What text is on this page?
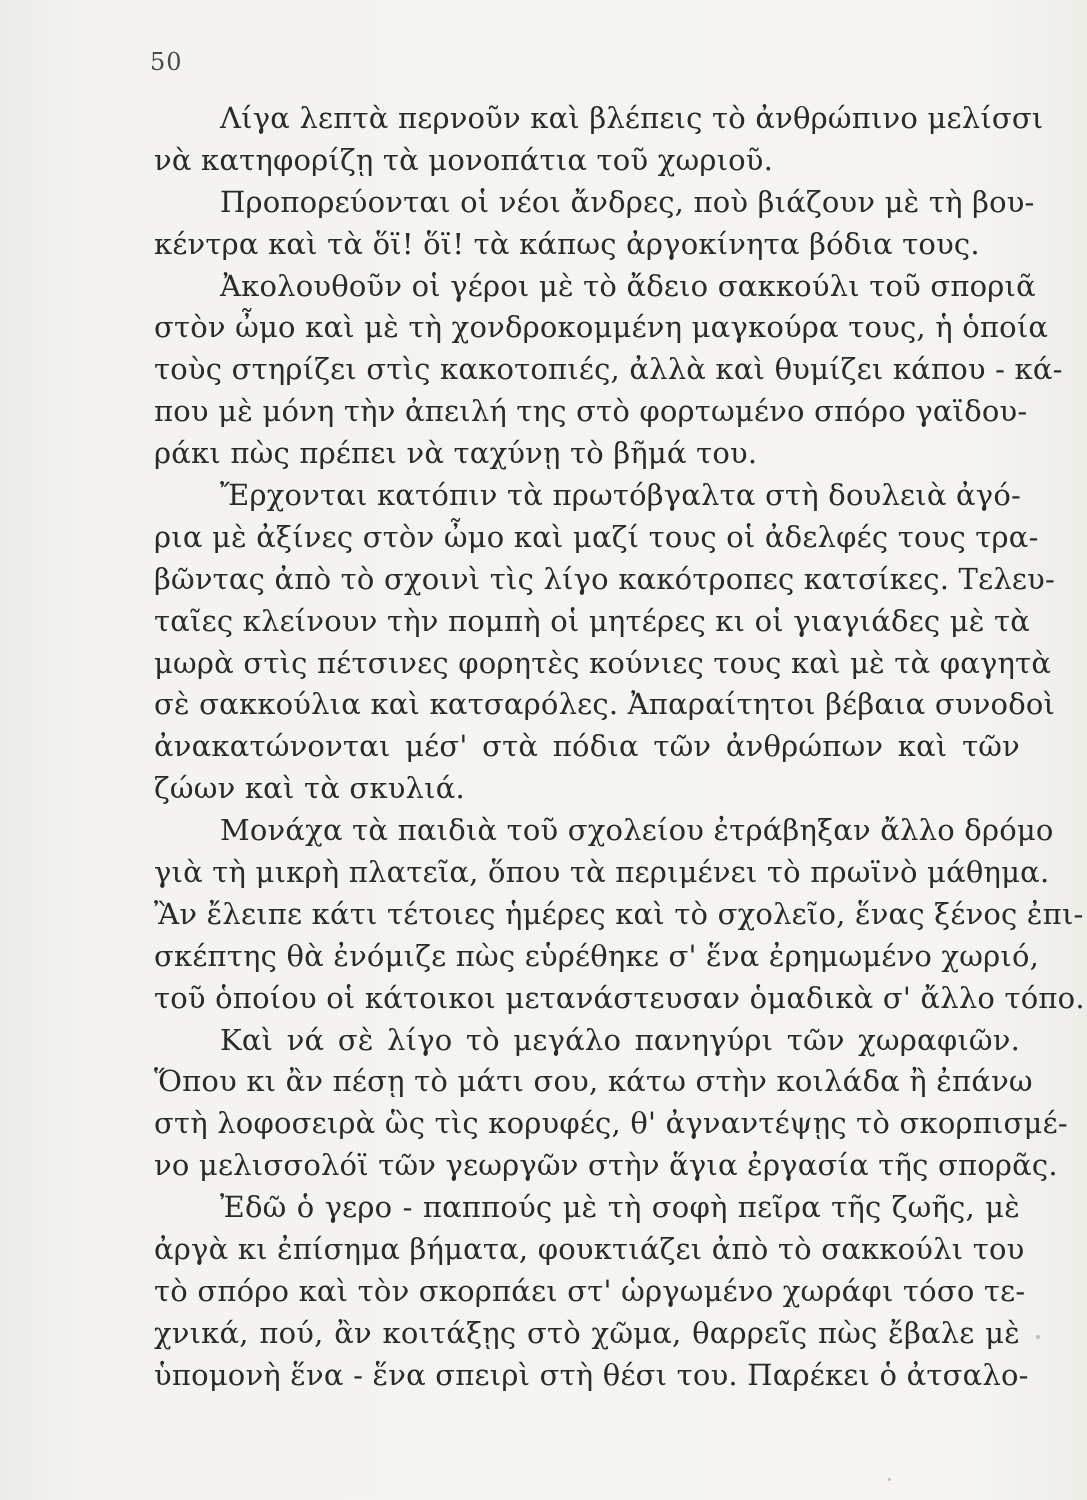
50
Λίγα λεπτὰ περνοῦν καὶ βλέπεις τὸ ἀνθρώπινο μελίσσι
νὰ κατηφορίζῃ τὰ μονοπάτια τοῦ χωριοῦ.
Προπορεύονται οἱ νέοι ἄνδρες, ποὺ βιάζουν μὲ τὴ βου-
κέντρα καὶ τὰ ὅϊ! ὅϊ! τὰ κάπως ἀργοκίνητα βόδια τους.
Ἀκολουθοῦν οἱ γέροι μὲ τὸ ἄδειο σακκούλι τοῦ σποριᾶ
στὸν ὦμο καὶ μὲ τὴ χονδροκομμένη μαγκούρα τους, ἡ ὁποία
τοὺς στηρίζει στὶς κακοτοπιές, ἀλλὰ καὶ θυμίζει κάπου - κά-
που μὲ μόνη τὴν ἀπειλή της στὸ φορτωμένο σπόρο γαϊδου-
ράκι πὼς πρέπει νὰ ταχύνῃ τὸ βῆμά του.
Ἔρχονται κατόπιν τὰ πρωτόβγαλτα στὴ δουλειὰ ἀγό-
ρια μὲ ἀξίνες στὸν ὦμο καὶ μαζί τους οἱ ἀδελφές τους τρα-
βῶντας ἀπὸ τὸ σχοινὶ τὶς λίγο κακότροπες κατσίκες. Τελευ-
ταῖες κλείνουν τὴν πομπὴ οἱ μητέρες κι οἱ γιαγιάδες μὲ τὰ
μωρὰ στὶς πέτσινες φορητὲς κούνιες τους καὶ μὲ τὰ φαγητὰ
σὲ σακκούλια καὶ κατσαρόλες. Ἀπαραίτητοι βέβαια συνοδοὶ
ἀνακατώνονται μέσ' στὰ πόδια τῶν ἀνθρώπων καὶ τῶν
ζώων καὶ τὰ σκυλιά.
Μονάχα τὰ παιδιὰ τοῦ σχολείου ἐτράβηξαν ἄλλο δρόμο
γιὰ τὴ μικρὴ πλατεῖα, ὅπου τὰ περιμένει τὸ πρωϊνὸ μάθημα.
Ἂν ἔλειπε κάτι τέτοιες ἡμέρες καὶ τὸ σχολεῖο, ἕνας ξένος ἐπι-
σκέπτης θὰ ἐνόμιζε πὼς εὑρέθηκε σ' ἕνα ἐρημωμένο χωριό,
τοῦ ὁποίου οἱ κάτοικοι μετανάστευσαν ὁμαδικὰ σ' ἄλλο τόπο.
Καὶ νά σὲ λίγο τὸ μεγάλο πανηγύρι τῶν χωραφιῶν.
Ὅπου κι ἂν πέσῃ τὸ μάτι σου, κάτω στὴν κοιλάδα ἢ ἐπάνω
στὴ λοφοσειρὰ ὣς τὶς κορυφές, θ' ἀγναντέψῃς τὸ σκορπισμέ-
νο μελισσολόϊ τῶν γεωργῶν στὴν ἅγια ἐργασία τῆς σπορᾶς.
Ἐδῶ ὁ γερο - παππούς μὲ τὴ σοφὴ πεῖρα τῆς ζωῆς, μὲ
ἀργὰ κι ἐπίσημα βήματα, φουκτιάζει ἀπὸ τὸ σακκούλι του
τὸ σπόρο καὶ τὸν σκορπάει στ' ὡργωμένο χωράφι τόσο τε-
χνικά, πού, ἂν κοιτάξῃς στὸ χῶμα, θαρρεῖς πὼς ἔβαλε μὲ
ὑπομονὴ ἕνα - ἕνα σπειρὶ στὴ θέσι του. Παρέκει ὁ ἀτσαλο-
